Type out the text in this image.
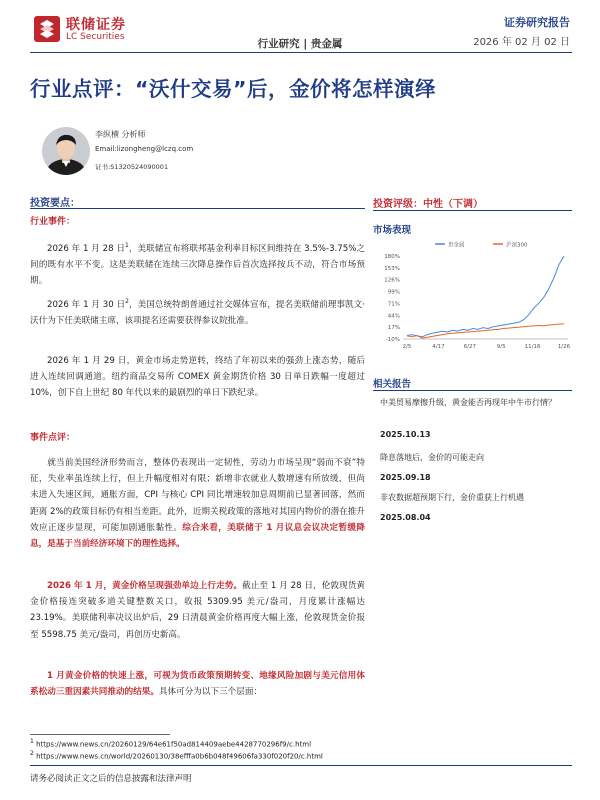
联储证券
LC Securities
行业研究 | 贵金属
证券研究报告
2026 年 02 月 02 日
行业点评：“沃什交易”后，金价将怎样演绎
李纵横 分析师
Email:lizongheng@lczq.com
证书:S1320524090001
投资要点：
行业事件：
2026 年 1 月 28 日$^1$，美联储宣布将联邦基金利率目标区间维持在 3.5%-3.75%之间的既有水平不变。这是美联储在连续三次降息操作后首次选择按兵不动，符合市场预期。
2026 年 1 月 30 日$^2$，美国总统特朗普通过社交媒体宣布，提名美联储前理事凯文·沃什为下任美联储主席，该项提名还需要获得参议院批准。
2026 年 1 月 29 日，黄金市场走势逆转，终结了年初以来的强劲上涨态势，随后进入连续回调通道。纽约商品交易所 COMEX 黄金期货价格 30 日单日跌幅一度超过 10%，创下自上世纪 80 年代以来的最剧烈的单日下跌纪录。
事件点评：
就当前美国经济形势而言，整体仍表现出一定韧性，劳动力市场呈现“弱而不衰”特征，失业率虽连续上行，但上升幅度相对有限；新增非农就业人数增速有所放缓，但尚未进入失速区间，通胀方面，CPI 与核心 CPI 同比增速较加息周期前已显著回落，然而距离 2%的政策目标仍有相当差距。此外，近期关税政策的落地对其国内物价的潜在推升效应正逐步显现，可能加剧通胀黏性。综合来看，美联储于 1 月议息会议决定暂缓降息，是基于当前经济环境下的理性选择。
2026 年 1 月，黄金价格呈现强劲单边上行走势。截止至 1 月 28 日，伦敦现货黄金价格接连突破多道关键整数关口，收报 5309.95 美元/盎司，月度累计涨幅达 23.19%。美联储利率决议出炉后，29 日清晨黄金价格再度大幅上涨，伦敦现货金价报至 5598.75 美元/盎司，再创历史新高。
1 月黄金价格的快速上涨，可视为货币政策预期转变、地缘风险加剧与美元信用体系松动三重因素共同推动的结果。具体可分为以下三个层面：
投资评级：中性（下调）
市场表现
贵金属	沪深300
180%
153%
126%
99%
71%
44%
17%
-10%
2/5	4/17	6/27	9/5	11/16	1/26
相关报告
中美贸易摩擦升级，黄金能否再现年中牛市行情？
2025.10.13
降息落地后，金价的可能走向
2025.09.18
非农数据超预期下行，金价重获上行机遇
2025.08.04
$^1$ https://www.news.cn/20260129/64e61f50ad814409aebe4428770296f9/c.html
$^2$ https://www.news.cn/world/20260130/38efffa0b6b048f49606fa330f020f20/c.html
请务必阅读正文之后的信息披露和法律声明
